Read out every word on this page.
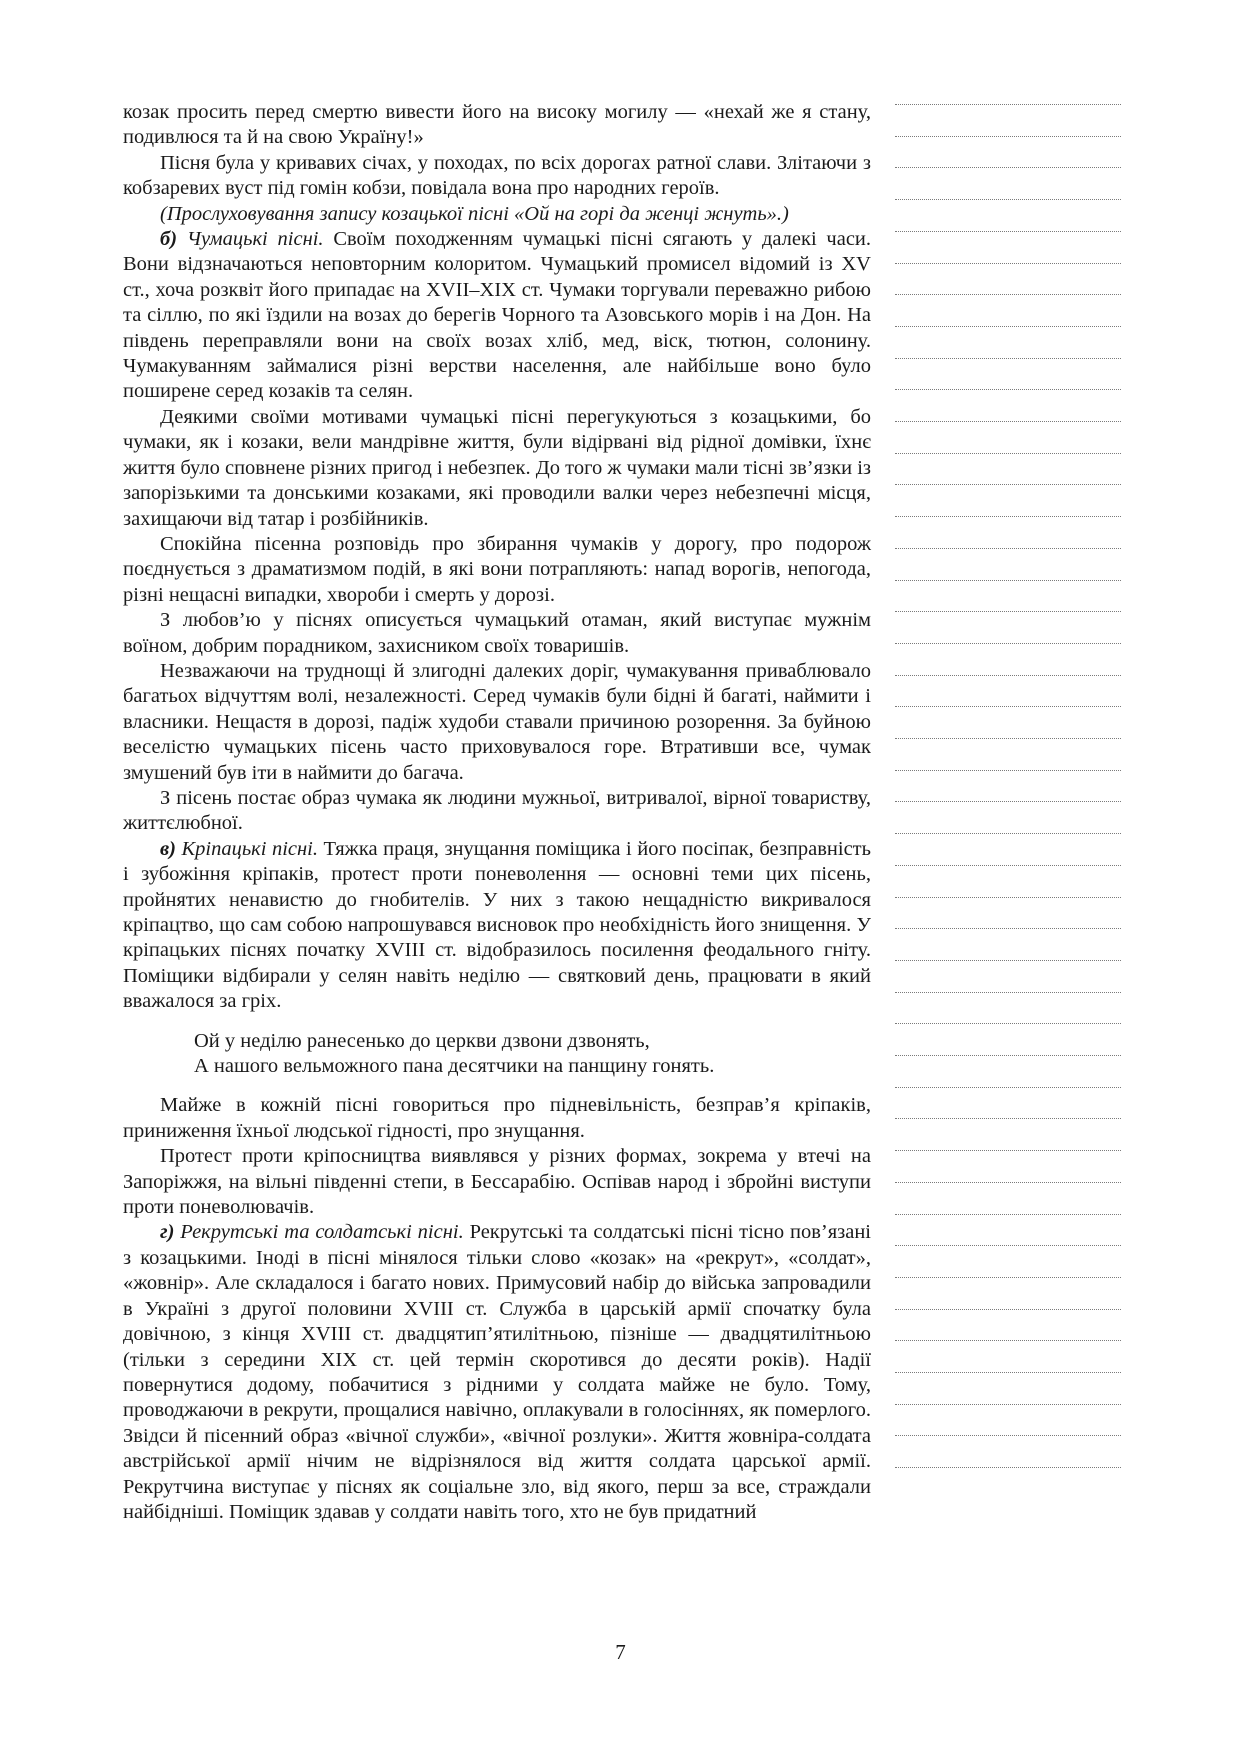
козак просить перед смертю вивести його на високу могилу — «нехай же я стану, подивлюся та й на свою Україну!»

Пісня була у кривавих січах, у походах, по всіх дорогах ратної слави. Злітаючи з кобзаревих вуст під гомін кобзи, повідала вона про народних героїв.

(Прослуховування запису козацької пісні «Ой на горі да женці жнуть».)

б) Чумацькі пісні. Своїм походженням чумацькі пісні сягають у далекі часи. Вони відзначаються неповторним колоритом. Чумацький промисел відомий із XV ст., хоча розквіт його припадає на XVII–XIX ст. Чумаки торгували переважно рибою та сіллю, по які їздили на возах до берегів Чорного та Азовського морів і на Дон. На південь переправляли вони на своїх возах хліб, мед, віск, тютюн, солонину. Чумакуванням займалися різні верстви населення, але найбільше воно було поширене серед козаків та селян.

Деякими своїми мотивами чумацькі пісні перегукуються з козацькими, бо чумаки, як і козаки, вели мандрівне життя, були відірвані від рідної домівки, їхнє життя було сповнене різних пригод і небезпек. До того ж чумаки мали тісні зв’язки із запорізькими та донськими козаками, які проводили валки через небезпечні місця, захищаючи від татар і розбійників.

Спокійна пісенна розповідь про збирання чумаків у дорогу, про подорож поєднується з драматизмом подій, в які вони потрапляють: напад ворогів, непогода, різні нещасні випадки, хвороби і смерть у дорозі.

З любов’ю у піснях описується чумацький отаман, який виступає мужнім воїном, добрим порадником, захисником своїх товаришів.

Незважаючи на труднощі й злигодні далеких доріг, чумакування приваблювало багатьох відчуттям волі, незалежності. Серед чумаків були бідні й багаті, наймити і власники. Нещастя в дорозі, падіж худоби ставали причиною розорення. За буйною веселістю чумацьких пісень часто приховувалося горе. Втративши все, чумак змушений був іти в наймити до багача.

З пісень постає образ чумака як людини мужньої, витривалої, вірної товариству, життєлюбної.

в) Кріпацькі пісні. Тяжка праця, знущання поміщика і його посіпак, безправність і зубожіння кріпаків, протест проти поневолення — основні теми цих пісень, пройнятих ненавистю до гнобителів. У них з такою нещадністю викривалося кріпацтво, що сам собою напрошувався висновок про необхідність його знищення. У кріпацьких піснях початку XVIII ст. відобразилось посилення феодального гніту. Поміщики відбирали у селян навіть неділю — святковий день, працювати в який вважалося за гріх.

Ой у неділю ранесенько до церкви дзвони дзвонять,
А нашого вельможного пана десятчики на панщину гонять.

Майже в кожній пісні говориться про підневільність, безправ’я кріпаків, приниження їхньої людської гідності, про знущання.

Протест проти кріпосництва виявлявся у різних формах, зокрема у втечі на Запоріжжя, на вільні південні степи, в Бессарабію. Оспівав народ і збройні виступи проти поневолювачів.

г) Рекрутські та солдатські пісні. Рекрутські та солдатські пісні тісно пов’язані з козацькими. Іноді в пісні мінялося тільки слово «козак» на «рекрут», «солдат», «жовнір». Але складалося і багато нових. Примусовий набір до війська запровадили в Україні з другої половини XVIII ст. Служба в царській армії спочатку була довічною, з кінця XVIII ст. двадцятип’ятилітньою, пізніше — двадцятилітньою (тільки з середини XIX ст. цей термін скоротився до десяти років). Надії повернутися додому, побачитися з рідними у солдата майже не було. Тому, проводжаючи в рекрути, прощалися навічно, оплакували в голосіннях, як померлого. Звідси й пісенний образ «вічної служби», «вічної розлуки». Життя жовніра-солдата австрійської армії нічим не відрізнялося від життя солдата царської армії. Рекрутчина виступає у піснях як соціальне зло, від якого, перш за все, страждали найбідніші. Поміщик здавав у солдати навіть того, хто не був придатний

7
